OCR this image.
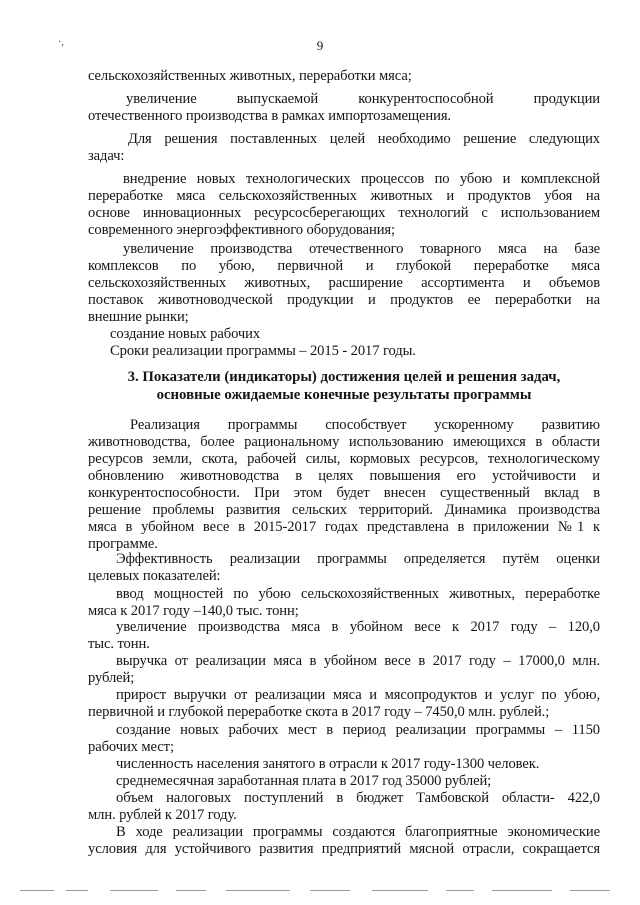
·,	9
сельскохозяйственных животных, переработки мяса;
увеличение выпускаемой конкурентоспособной продукции
отечественного производства в рамках импортозамещения.
Для решения поставленных целей необходимо решение следующих
задач:
внедрение новых технологических процессов по убою и комплексной
переработке мяса сельскохозяйственных животных и продуктов убоя на
основе инновационных ресурсосберегающих технологий с использованием
современного энергоэффективного оборудования;
увеличение производства отечественного товарного мяса на базе
комплексов по убою, первичной и глубокой переработке мяса
сельскохозяйственных животных, расширение ассортимента и объемов
поставок животноводческой продукции и продуктов ее переработки на
внешние рынки;
создание новых рабочих
Сроки реализации программы – 2015 - 2017 годы.
3. Показатели (индикаторы) достижения целей и решения задач,
основные ожидаемые конечные результаты программы
Реализация программы способствует ускоренному развитию
животноводства, более рациональному использованию имеющихся в области
ресурсов земли, скота, рабочей силы, кормовых ресурсов, технологическому
обновлению животноводства в целях повышения его устойчивости и
конкурентоспособности. При этом будет внесен существенный вклад в
решение проблемы развития сельских территорий. Динамика производства
мяса в убойном весе в 2015-2017 годах представлена в приложении №1 к
программе.
Эффективность реализации программы определяется путём оценки
целевых показателей:
ввод мощностей по убою сельскохозяйственных животных, переработке
мяса к 2017 году –140,0 тыс. тонн;
увеличение производства мяса в убойном весе к 2017 году – 120,0
тыс. тонн.
выручка от реализации мяса в убойном весе в 2017 году – 17000,0 млн.
рублей;
прирост выручки от реализации мяса и мясопродуктов и услуг по убою,
первичной и глубокой переработке скота в 2017 году – 7450,0 млн. рублей.;
создание новых рабочих мест в период реализации программы – 1150
рабочих мест;
численность населения занятого в отрасли к 2017 году-1300 человек.
среднемесячная заработанная плата в 2017 год 35000 рублей;
объем налоговых поступлений в бюджет Тамбовской области- 422,0
млн. рублей к 2017 году.
В ходе реализации программы создаются благоприятные экономические
условия для устойчивого развития предприятий мясной отрасли, сокращается
